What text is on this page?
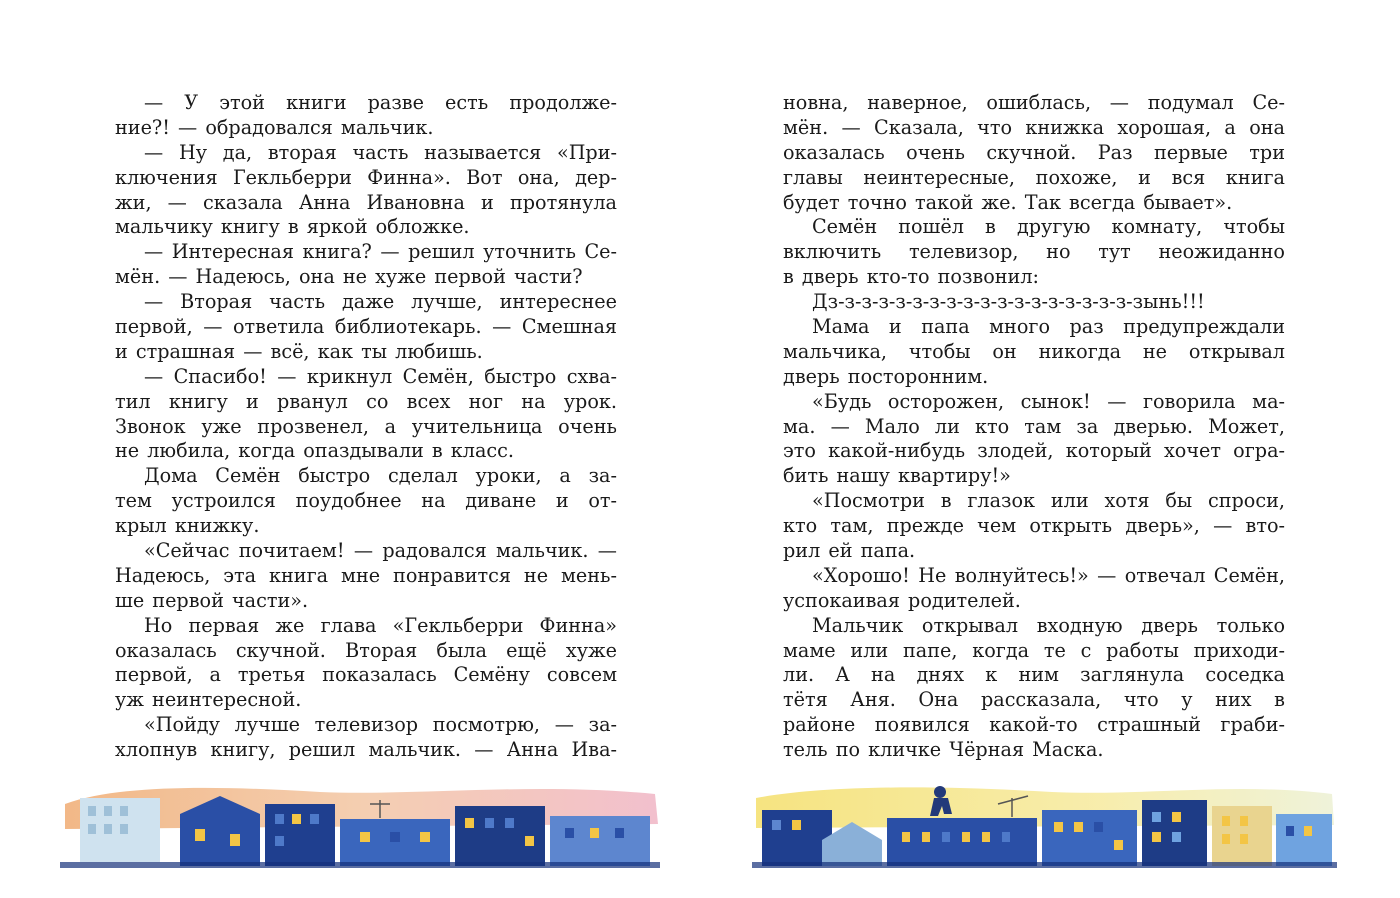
— У этой книги разве есть продолже-
ние?! — обрадовался мальчик.
— Ну да, вторая часть называется «При-
ключения Гекльберри Финна». Вот она, дер-
жи, — сказала Анна Ивановна и протянула
мальчику книгу в яркой обложке.
— Интересная книга? — решил уточнить Се-
мён. — Надеюсь, она не хуже первой части?
— Вторая часть даже лучше, интереснее
первой, — ответила библиотекарь. — Смешная
и страшная — всё, как ты любишь.
— Спасибо! — крикнул Семён, быстро схва-
тил книгу и рванул со всех ног на урок.
Звонок уже прозвенел, а учительница очень
не любила, когда опаздывали в класс.
Дома Семён быстро сделал уроки, а за-
тем устроился поудобнее на диване и от-
крыл книжку.
«Сейчас почитаем! — радовался мальчик. —
Надеюсь, эта книга мне понравится не мень-
ше первой части».
Но первая же глава «Гекльберри Финна»
оказалась скучной. Вторая была ещё хуже
первой, а третья показалась Семёну совсем
уж неинтересной.
«Пойду лучше телевизор посмотрю, — за-
хлопнув книгу, решил мальчик. — Анна Ива-
новна, наверное, ошиблась, — подумал Се-
мён. — Сказала, что книжка хорошая, а она
оказалась очень скучной. Раз первые три
главы неинтересные, похоже, и вся книга
будет точно такой же. Так всегда бывает».
Семён пошёл в другую комнату, чтобы
включить телевизор, но тут неожиданно
в дверь кто-то позвонил:
Дз-з-з-з-з-з-з-з-з-з-з-з-з-з-з-з-з-з-зынь!!!
Мама и папа много раз предупреждали
мальчика, чтобы он никогда не открывал
дверь посторонним.
«Будь осторожен, сынок! — говорила ма-
ма. — Мало ли кто там за дверью. Может,
это какой-нибудь злодей, который хочет огра-
бить нашу квартиру!»
«Посмотри в глазок или хотя бы спроси,
кто там, прежде чем открыть дверь», — вто-
рил ей папа.
«Хорошо! Не волнуйтесь!» — отвечал Семён,
успокаивая родителей.
Мальчик открывал входную дверь только
маме или папе, когда те с работы приходи-
ли. А на днях к ним заглянула соседка
тётя Аня. Она рассказала, что у них в
районе появился какой-то страшный граби-
тель по кличке Чёрная Маска.
